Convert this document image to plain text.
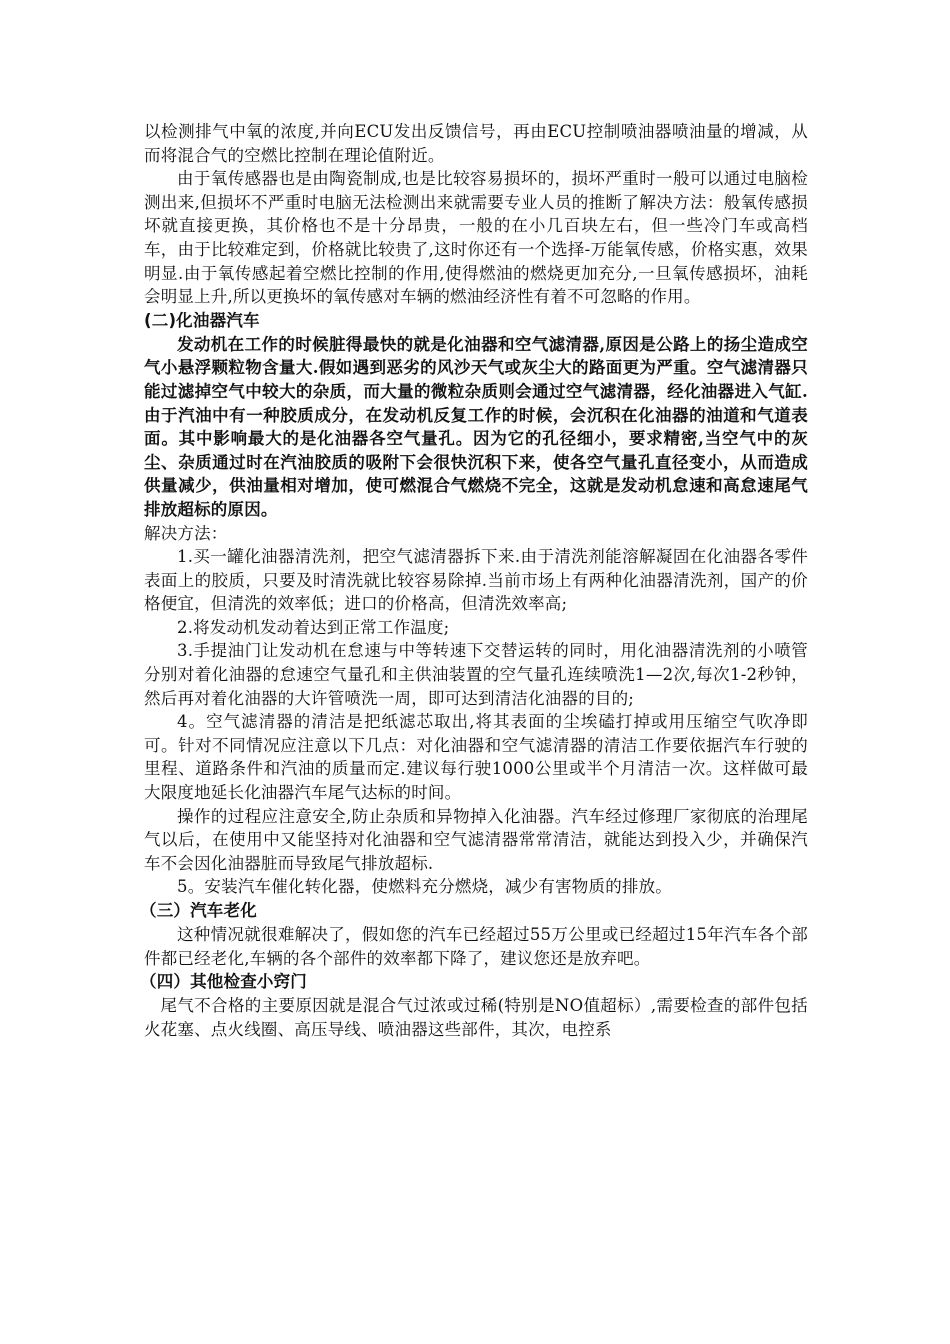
以检测排气中氧的浓度,并向ECU发出反馈信号，再由ECU控制喷油器喷油量的增减，从而将混合气的空燃比控制在理论值附近。

由于氧传感器也是由陶瓷制成,也是比较容易损坏的，损坏严重时一般可以通过电脑检测出来,但损坏不严重时电脑无法检测出来就需要专业人员的推断了解决方法：般氧传感损坏就直接更换，其价格也不是十分昂贵，一般的在小几百块左右，但一些冷门车或高档车，由于比较难定到，价格就比较贵了,这时你还有一个选择-万能氧传感，价格实惠，效果明显.由于氧传感起着空燃比控制的作用,使得燃油的燃烧更加充分,一旦氧传感损坏，油耗会明显上升,所以更换坏的氧传感对车辆的燃油经济性有着不可忽略的作用。

(二)化油器汽车

发动机在工作的时候脏得最快的就是化油器和空气滤清器,原因是公路上的扬尘造成空气小悬浮颗粒物含量大.假如遇到恶劣的风沙天气或灰尘大的路面更为严重。空气滤清器只能过滤掉空气中较大的杂质，而大量的微粒杂质则会通过空气滤清器，经化油器进入气缸.由于汽油中有一种胶质成分，在发动机反复工作的时候，会沉积在化油器的油道和气道表面。其中影响最大的是化油器各空气量孔。因为它的孔径细小，要求精密,当空气中的灰尘、杂质通过时在汽油胶质的吸附下会很快沉积下来，使各空气量孔直径变小，从而造成供量减少，供油量相对增加，使可燃混合气燃烧不完全，这就是发动机怠速和高怠速尾气排放超标的原因。

解决方法：

1.买一罐化油器清洗剂，把空气滤清器拆下来.由于清洗剂能溶解凝固在化油器各零件表面上的胶质，只要及时清洗就比较容易除掉.当前市场上有两种化油器清洗剂，国产的价格便宜，但清洗的效率低；进口的价格高，但清洗效率高;

2.将发动机发动着达到正常工作温度;

3.手提油门让发动机在怠速与中等转速下交替运转的同时，用化油器清洗剂的小喷管分别对着化油器的怠速空气量孔和主供油装置的空气量孔连续喷洗1—2次,每次1-2秒钟，然后再对着化油器的大许管喷洗一周，即可达到清洁化油器的目的;

4。空气滤清器的清洁是把纸滤芯取出,将其表面的尘埃磕打掉或用压缩空气吹净即可。针对不同情况应注意以下几点：对化油器和空气滤清器的清洁工作要依据汽车行驶的里程、道路条件和汽油的质量而定.建议每行驶1000公里或半个月清洁一次。这样做可最大限度地延长化油器汽车尾气达标的时间。

操作的过程应注意安全,防止杂质和异物掉入化油器。汽车经过修理厂家彻底的治理尾气以后，在使用中又能坚持对化油器和空气滤清器常常清洁，就能达到投入少，并确保汽车不会因化油器脏而导致尾气排放超标.

5。安装汽车催化转化器，使燃料充分燃烧，减少有害物质的排放。

（三）汽车老化

这种情况就很难解决了，假如您的汽车已经超过55万公里或已经超过15年汽车各个部件都已经老化,车辆的各个部件的效率都下降了，建议您还是放弃吧。

（四）其他检查小窍门

尾气不合格的主要原因就是混合气过浓或过稀(特别是NO值超标）,需要检查的部件包括火花塞、点火线圈、高压导线、喷油器这些部件，其次，电控系
